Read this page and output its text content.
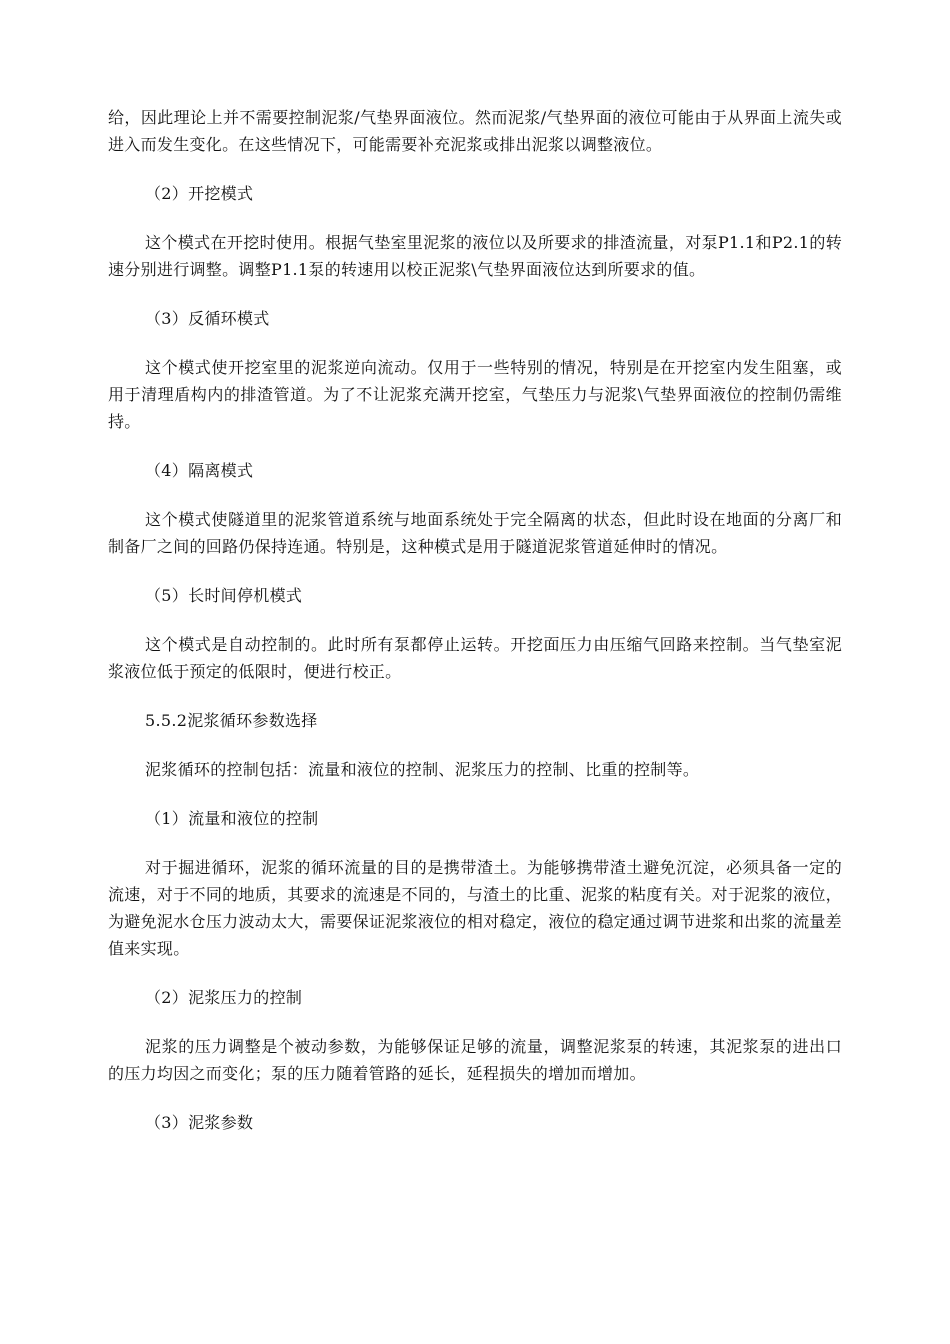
给，因此理论上并不需要控制泥浆/气垫界面液位。然而泥浆/气垫界面的液位可能由于从界面上流失或进入而发生变化。在这些情况下，可能需要补充泥浆或排出泥浆以调整液位。

（2）开挖模式

这个模式在开挖时使用。根据气垫室里泥浆的液位以及所要求的排渣流量，对泵P1.1和P2.1的转速分别进行调整。调整P1.1泵的转速用以校正泥浆\气垫界面液位达到所要求的值。

（3）反循环模式

这个模式使开挖室里的泥浆逆向流动。仅用于一些特别的情况，特别是在开挖室内发生阻塞，或用于清理盾构内的排渣管道。为了不让泥浆充满开挖室，气垫压力与泥浆\气垫界面液位的控制仍需维持。

（4）隔离模式

这个模式使隧道里的泥浆管道系统与地面系统处于完全隔离的状态，但此时设在地面的分离厂和制备厂之间的回路仍保持连通。特别是，这种模式是用于隧道泥浆管道延伸时的情况。

（5）长时间停机模式

这个模式是自动控制的。此时所有泵都停止运转。开挖面压力由压缩气回路来控制。当气垫室泥浆液位低于预定的低限时，便进行校正。

5.5.2泥浆循环参数选择

泥浆循环的控制包括：流量和液位的控制、泥浆压力的控制、比重的控制等。

（1）流量和液位的控制

对于掘进循环，泥浆的循环流量的目的是携带渣土。为能够携带渣土避免沉淀，必须具备一定的流速，对于不同的地质，其要求的流速是不同的，与渣土的比重、泥浆的粘度有关。对于泥浆的液位，为避免泥水仓压力波动太大，需要保证泥浆液位的相对稳定，液位的稳定通过调节进浆和出浆的流量差值来实现。

（2）泥浆压力的控制

泥浆的压力调整是个被动参数，为能够保证足够的流量，调整泥浆泵的转速，其泥浆泵的进出口的压力均因之而变化；泵的压力随着管路的延长，延程损失的增加而增加。

（3）泥浆参数
